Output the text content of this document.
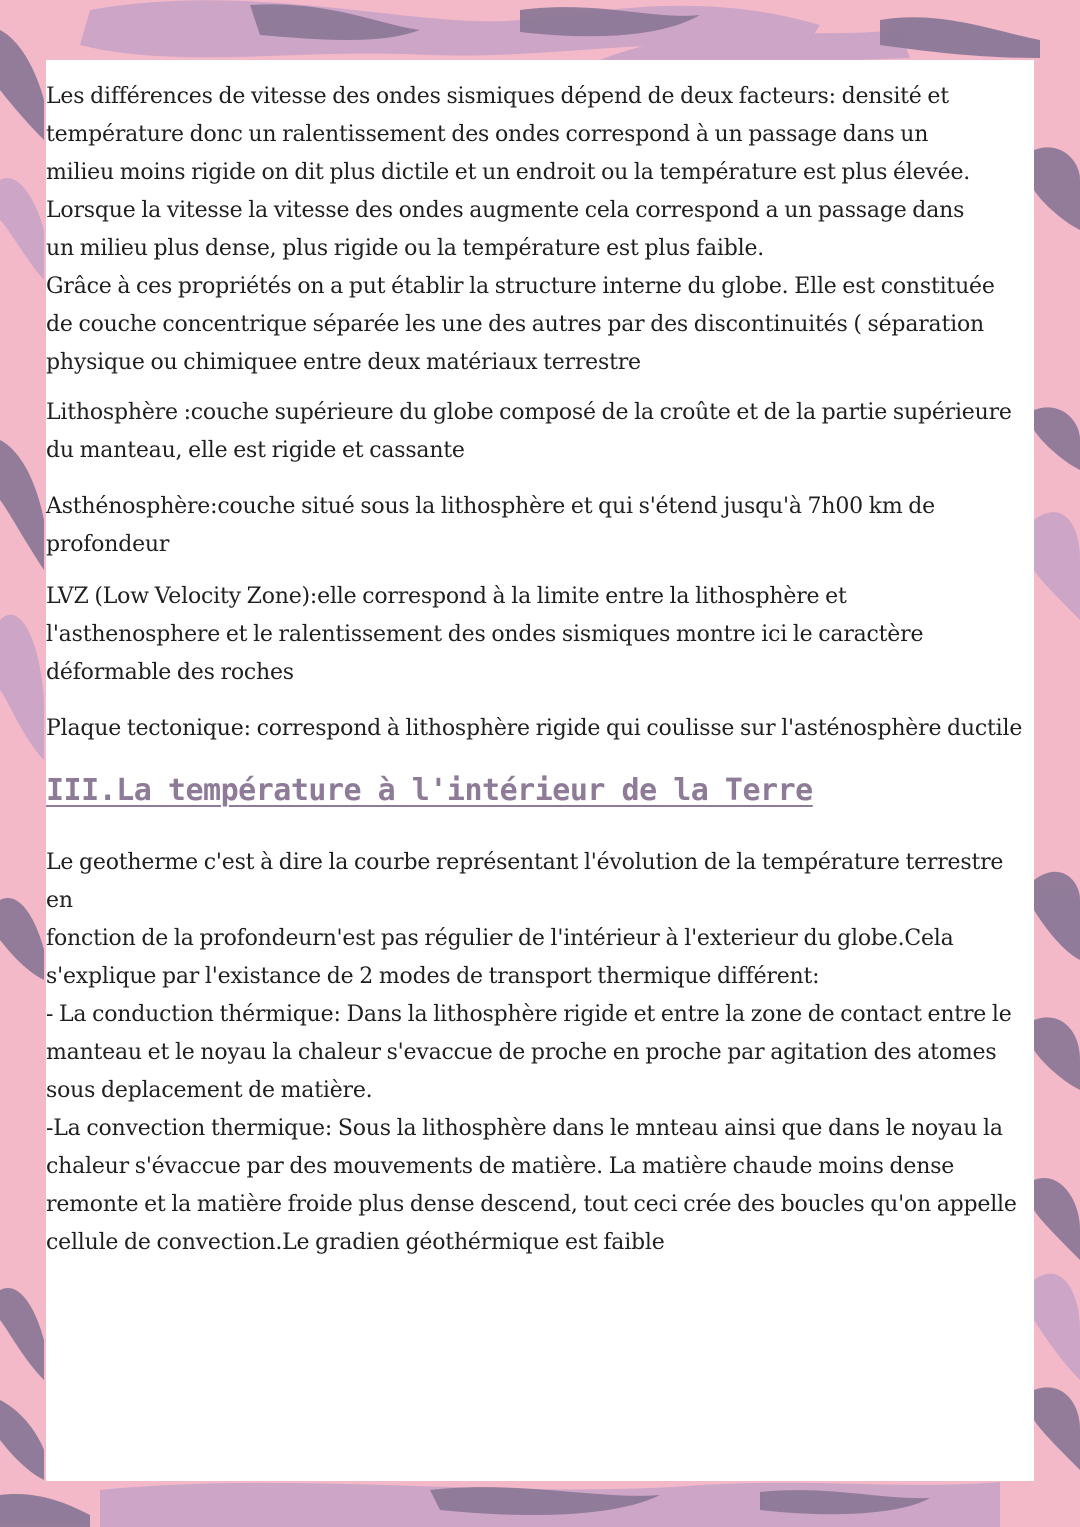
Les différences de vitesse des ondes sismiques dépend de deux facteurs: densité et
température donc un ralentissement des ondes correspond à un passage dans un
milieu moins rigide on dit plus dictile et un endroit ou la température est plus élevée.
Lorsque la vitesse la vitesse des ondes augmente cela correspond a un passage dans
un milieu plus dense, plus rigide ou la température est plus faible.
Grâce à ces propriétés on a put établir la structure interne du globe. Elle est constituée
de couche concentrique séparée les une des autres par des discontinuités ( séparation
physique ou chimiquee entre deux matériaux terrestre

Lithosphère :couche supérieure du globe composé de la croûte et de la partie supérieure
du manteau, elle est rigide et cassante

Asthénosphère:couche situé sous la lithosphère et qui s'étend jusqu'à 7h00 km de
profondeur

LVZ (Low Velocity Zone):elle correspond à la limite entre la lithosphère et
l'asthenosphere et le ralentissement des ondes sismiques montre ici le caractère
déformable des roches

Plaque tectonique: correspond à lithosphère rigide qui coulisse sur l'asténosphère ductile

III.La température à l'intérieur de la Terre

Le geotherme c'est à dire la courbe représentant l'évolution de la température terrestre en
fonction de la profondeurn'est pas régulier de l'intérieur à l'exterieur du globe.Cela
s'explique par l'existance de 2 modes de transport thermique différent:
- La conduction thérmique: Dans la lithosphère rigide et entre la zone de contact entre le
manteau et le noyau la chaleur s'evaccue de proche en proche par agitation des atomes
sous deplacement de matière.
-La convection thermique: Sous la lithosphère dans le mnteau ainsi que dans le noyau la
chaleur s'évaccue par des mouvements de matière. La matière chaude moins dense
remonte et la matière froide plus dense descend, tout ceci crée des boucles qu'on appelle
cellule de convection.Le gradien géothérmique est faible
